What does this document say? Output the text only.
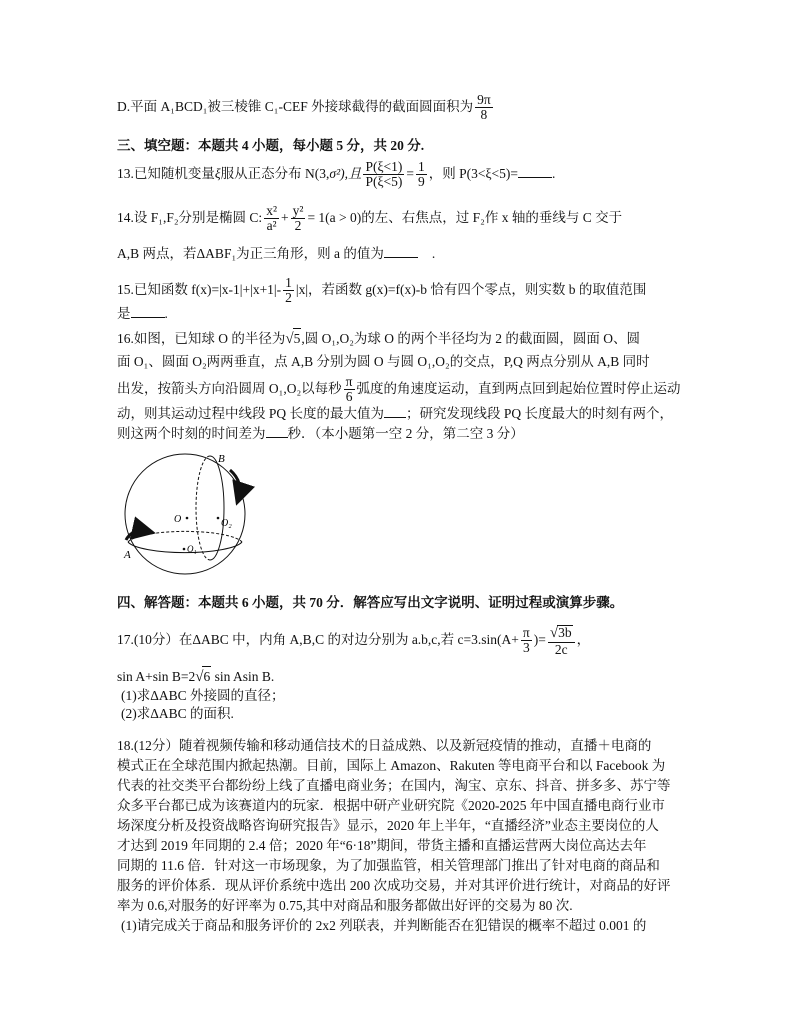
D.平面 A₁BCD₁被三棱锥 C₁-CEF 外接球截得的截面圆面积为 $\frac{9\pi}{8}$
三、填空题：本题共 4 小题，每小题 5 分，共 20 分.
13.已知随机变量ξ服从正态分布 N(3,σ²),且 $\frac{P(\xi<1)}{P(\xi<5)} = \frac{1}{9}$ ，则 P(3<ξ<5)=	.
14.设 F₁,F₂分别是椭圆 C: $\frac{\text{x²}}{\text{a²}} + \frac{\text{y²}}{2} = 1(a > 0)$的左、右焦点，过 F₂作 x 轴的垂线与 C 交于
A,B 两点，若ΔABF₁为正三角形，则 a 的值为	.
15.已知函数 $f(x)=|x-1|+|x+1|- \frac{1}{2} |x|$，若函数 g(x)=f(x)-b 恰有四个零点，则实数 b 的取值范围
是	.
16.如图，已知球 O 的半径为√5,圆 O₁,O₂为球 O 的两个半径均为 2 的截面圆，圆面 O、圆
面 O₁、圆面 O₂两两垂直，点 A,B 分别为圆 O 与圆 O₁,O₂的交点，P,Q 两点分别从 A,B 同时
出发，按箭头方向沿圆周 O₁,O₂以每秒 $\frac{\pi}{6}$ 弧度的角速度运动，直到两点回到起始位置时停止运动
动，则其运动过程中线段 PQ 长度的最大值为 ；研究发现线段 PQ 长度最大的时刻有两个，
则这两个时刻的时间差为 秒．（本小题第一空 2 分，第二空 3 分）
B
A
O	O₂
O₁
四、解答题：本题共 6 小题，共 70 分．解答应写出文字说明、证明过程或演算步骤。
17.(10分）在ΔABC 中，内角 A,B,C 的对边分别为 a.b,c,若 $c=3.\sin(A+ \frac{\pi}{3}$ )= $\frac{√3b}{2c}$ ，
sin A+sin B=2√6 sin Asin B.
(1)求ΔABC 外接圆的直径；
(2)求ΔABC 的面积.
18.(12分）随着视频传输和移动通信技术的日益成熟、以及新冠疫情的推动，直播＋电商的
模式正在全球范围内掀起热潮。目前，国际上 Amazon、Rakuten 等电商平台和以 Facebook 为
代表的社交类平台都纷纷上线了直播电商业务；在国内，淘宝、京东、抖音、拼多多、苏宁等
众多平台都已成为该赛道内的玩家．根据中研产业研究院《2020-2025 年中国直播电商行业市
场深度分析及投资战略咨询研究报告》显示，2020 年上半年，“直播经济”业态主要岗位的人
才达到 2019 年同期的 2.4 倍；2020 年“6·18”期间，带货主播和直播运营两大岗位高达去年
同期的 11.6 倍．针对这一市场现象，为了加强监管，相关管理部门推出了针对电商的商品和
服务的评价体系．现从评价系统中选出 200 次成功交易，并对其评价进行统计，对商品的好评
率为 0.6,对服务的好评率为 0.75,其中对商品和服务都做出好评的交易为 80 次.
(1)请完成关于商品和服务评价的 2x2 列联表，并判断能否在犯错误的概率不超过 0.001 的
